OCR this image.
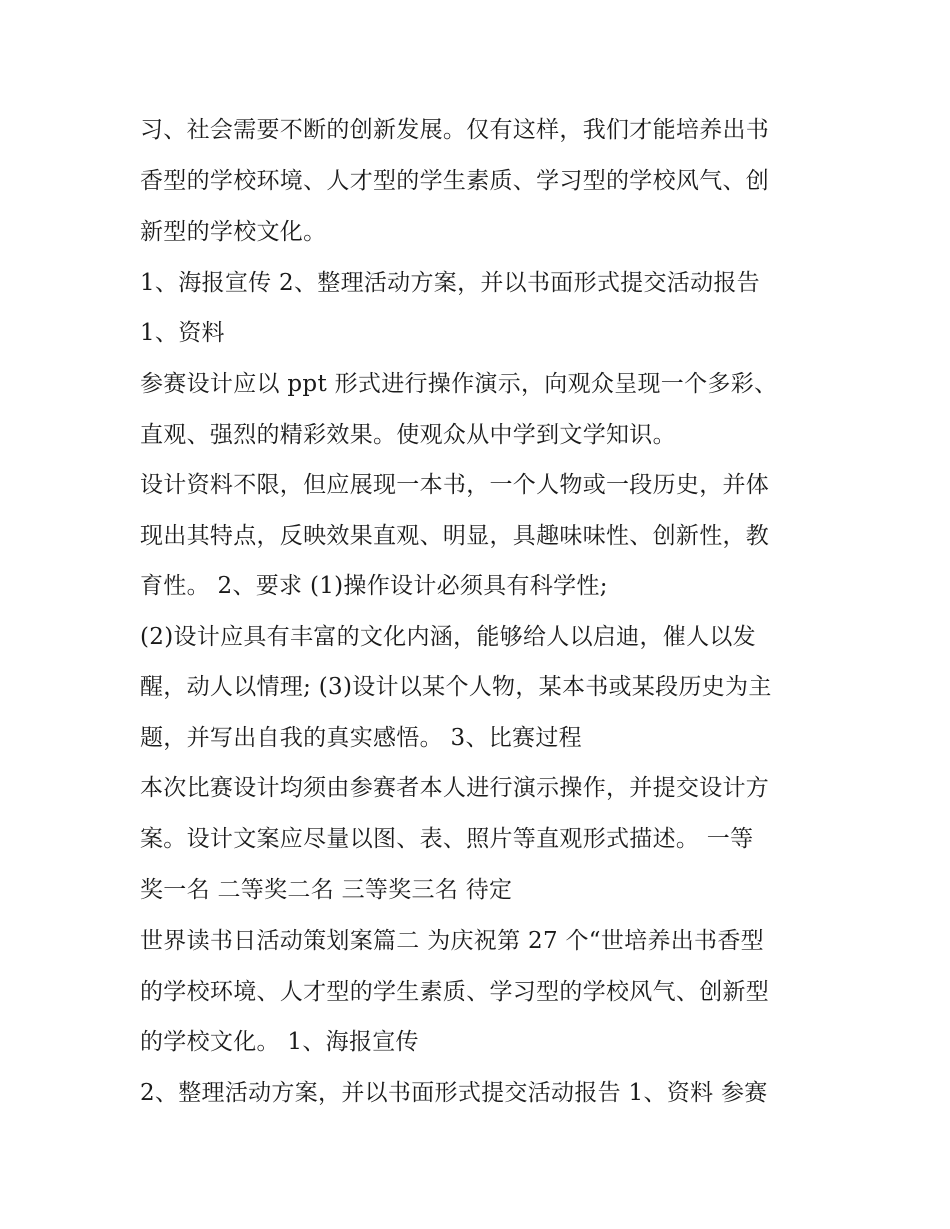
习、社会需要不断的创新发展。仅有这样，我们才能培养出书
香型的学校环境、人才型的学生素质、学习型的学校风气、创
新型的学校文化。
1、海报宣传 2、整理活动方案，并以书面形式提交活动报告
1、资料
参赛设计应以 ppt 形式进行操作演示，向观众呈现一个多彩、
直观、强烈的精彩效果。使观众从中学到文学知识。
设计资料不限，但应展现一本书，一个人物或一段历史，并体
现出其特点，反映效果直观、明显，具趣味味性、创新性，教
育性。 2、要求 (1)操作设计必须具有科学性;
(2)设计应具有丰富的文化内涵，能够给人以启迪，催人以发
醒，动人以情理; (3)设计以某个人物，某本书或某段历史为主
题，并写出自我的真实感悟。 3、比赛过程
本次比赛设计均须由参赛者本人进行演示操作，并提交设计方
案。设计文案应尽量以图、表、照片等直观形式描述。 一等
奖一名 二等奖二名 三等奖三名 待定
世界读书日活动策划案篇二 为庆祝第 27 个“世培养出书香型
的学校环境、人才型的学生素质、学习型的学校风气、创新型
的学校文化。 1、海报宣传
2、整理活动方案，并以书面形式提交活动报告 1、资料 参赛
